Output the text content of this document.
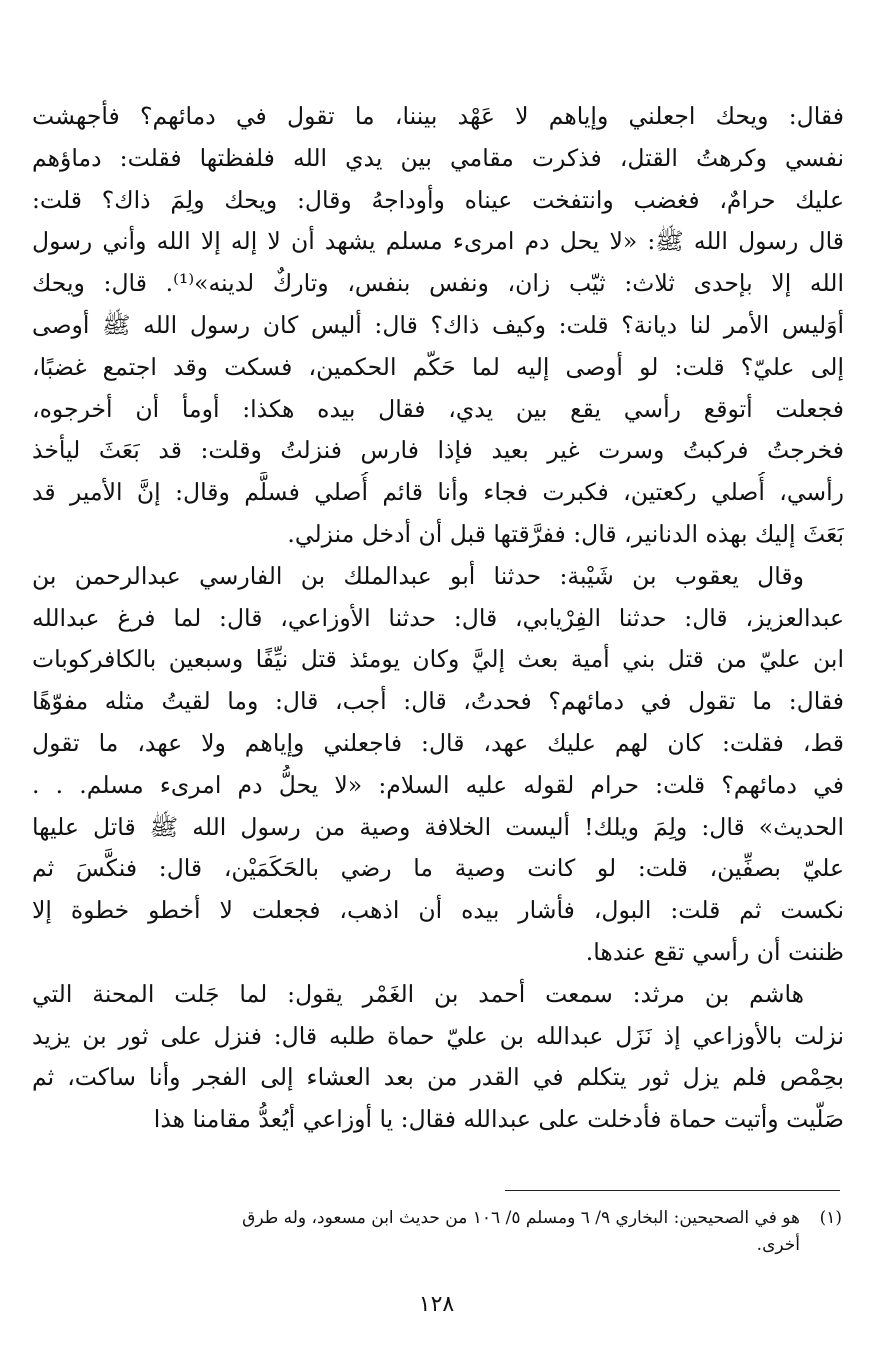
فقال: ويحك اجعلني وإياهم لا عَهْد بيننا، ما تقول في دمائهم؟ فأجهشت
نفسي وكرهتُ القتل، فذكرت مقامي بين يدي الله فلفظتها فقلت: دماؤهم
عليك حرامٌ، فغضب وانتفخت عيناه وأوداجهُ وقال: ويحك ولِمَ ذاك؟ قلت:
قال رسول الله ﷺ: «لا يحل دم امرىء مسلم يشهد أن لا إله إلا الله وأني رسول
الله إلا بإحدى ثلاث: ثيّب زان، ونفس بنفس، وتاركٌ لدينه»⁽¹⁾. قال: ويحك
أوَليس الأمر لنا ديانة؟ قلت: وكيف ذاك؟ قال: أليس كان رسول الله ﷺ أوصى
إلى عليّ؟ قلت: لو أوصى إليه لما حَكّم الحكمين، فسكت وقد اجتمع غضبًا،
فجعلت أتوقع رأسي يقع بين يدي، فقال بيده هكذا: أومأ أن أخرجوه،
فخرجتُ فركبتُ وسرت غير بعيد فإذا فارس فنزلتُ وقلت: قد بَعَثَ ليأخذ
رأسي، أُصلي ركعتين، فكبرت فجاء وأنا قائم أُصلي فسلَّم وقال: إنَّ الأمير قد
بَعَثَ إليك بهذه الدنانير، قال: ففرَّقتها قبل أن أدخل منزلي.
وقال يعقوب بن شَيْبة: حدثنا أبو عبدالملك بن الفارسي عبدالرحمن بن
عبدالعزيز، قال: حدثنا الفِرْيابي، قال: حدثنا الأوزاعي، قال: لما فرغ عبدالله
ابن عليّ من قتل بني أمية بعث إليَّ وكان يومئذ قتل نيِّفًا وسبعين بالكافركوبات
فقال: ما تقول في دمائهم؟ فحدتُ، قال: أجب، قال: وما لقيتُ مثله مفوّهًا
قط، فقلت: كان لهم عليك عهد، قال: فاجعلني وإياهم ولا عهد، ما تقول
في دمائهم؟ قلت: حرام لقوله عليه السلام: «لا يحلُّ دم امرىء مسلم. . .
الحديث» قال: ولِمَ ويلك! أليست الخلافة وصية من رسول الله ﷺ قاتل عليها
عليّ بصفِّين، قلت: لو كانت وصية ما رضي بالحَكَمَيْن، قال: فنكَّسَ ثم
نكست ثم قلت: البول، فأشار بيده أن اذهب، فجعلت لا أخطو خطوة إلا
ظننت أن رأسي تقع عندها.
هاشم بن مرثد: سمعت أحمد بن الغَمْر يقول: لما جَلت المحنة التي
نزلت بالأوزاعي إذ نَزَل عبدالله بن عليّ حماة طلبه قال: فنزل على ثور بن يزيد
بحِمْص فلم يزل ثور يتكلم في القدر من بعد العشاء إلى الفجر وأنا ساكت، ثم
صَلّيت وأتيت حماة فأدخلت على عبدالله فقال: يا أوزاعي أيُعدُّ مقامنا هذا
(١)هو في الصحيحين: البخاري ٩/ ٦ ومسلم ٥/ ١٠٦ من حديث ابن مسعود، وله طرق
أخرى.
١٢٨
